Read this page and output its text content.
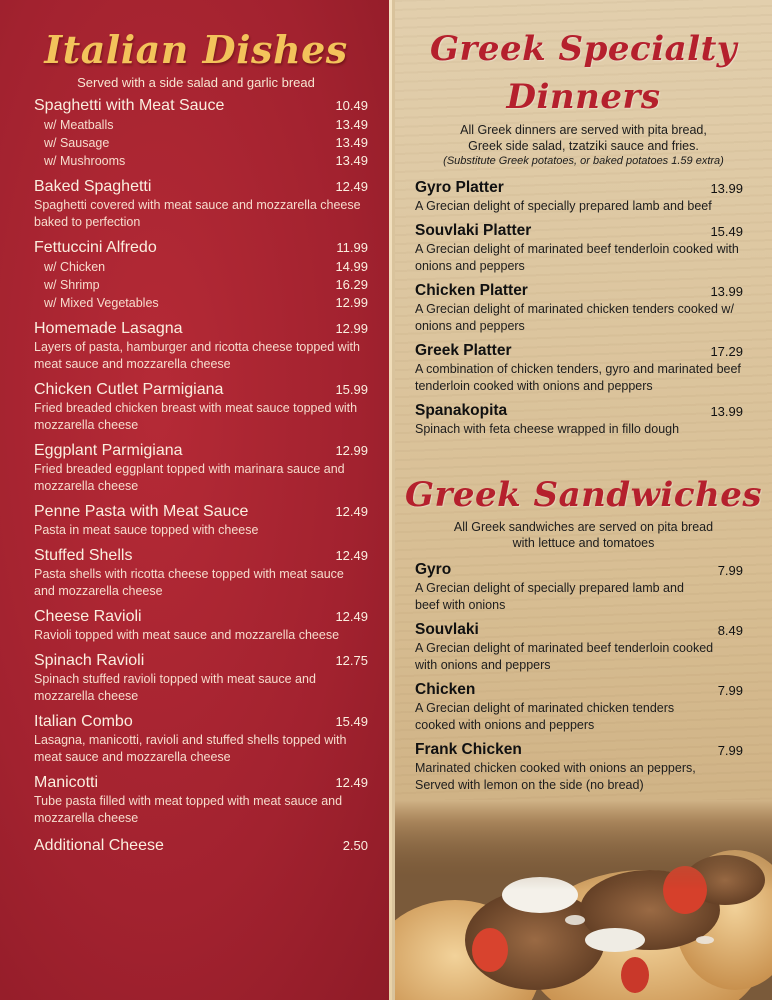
Italian Dishes
Served with a side salad and garlic bread
Spaghetti with Meat Sauce	10.49
w/ Meatballs	13.49
w/ Sausage	13.49
w/ Mushrooms	13.49
Baked Spaghetti	12.49
Spaghetti covered with meat sauce and mozzarella cheese baked to perfection
Fettuccini Alfredo	11.99
w/ Chicken	14.99
w/ Shrimp	16.29
w/ Mixed Vegetables	12.99
Homemade Lasagna	12.99
Layers of pasta, hamburger and ricotta cheese topped with meat sauce and mozzarella cheese
Chicken Cutlet Parmigiana	15.99
Fried breaded chicken breast with meat sauce topped with mozzarella cheese
Eggplant Parmigiana	12.99
Fried breaded eggplant topped with marinara sauce and mozzarella cheese
Penne Pasta with Meat Sauce	12.49
Pasta in meat sauce topped with cheese
Stuffed Shells	12.49
Pasta shells with ricotta cheese topped with meat sauce and mozzarella cheese
Cheese Ravioli	12.49
Ravioli topped with meat sauce and mozzarella cheese
Spinach Ravioli	12.75
Spinach stuffed ravioli topped with meat sauce and mozzarella cheese
Italian Combo	15.49
Lasagna, manicotti, ravioli and stuffed shells topped with meat sauce and mozzarella cheese
Manicotti	12.49
Tube pasta filled with meat topped with meat sauce and mozzarella cheese
Additional Cheese	2.50
Greek Specialty
Dinners
All Greek dinners are served with pita bread,
Greek side salad, tzatziki sauce and fries.
(Substitute Greek potatoes, or baked potatoes 1.59 extra)
Gyro Platter	13.99
A Grecian delight of specially prepared lamb and beef
Souvlaki Platter	15.49
A Grecian delight of marinated beef tenderloin cooked with onions and peppers
Chicken Platter	13.99
A Grecian delight of marinated chicken tenders cooked w/ onions and peppers
Greek Platter	17.29
A combination of chicken tenders, gyro and marinated beef tenderloin cooked with onions and peppers
Spanakopita	13.99
Spinach with feta cheese wrapped in fillo dough
Greek Sandwiches
All Greek sandwiches are served on pita bread
with lettuce and tomatoes
Gyro	7.99
A Grecian delight of specially prepared lamb and beef with onions
Souvlaki	8.49
A Grecian delight of marinated beef tenderloin cooked with onions and peppers
Chicken	7.99
A Grecian delight of marinated chicken tenders cooked with onions and peppers
Frank Chicken	7.99
Marinated chicken cooked with onions an peppers, Served with lemon on the side (no bread)
